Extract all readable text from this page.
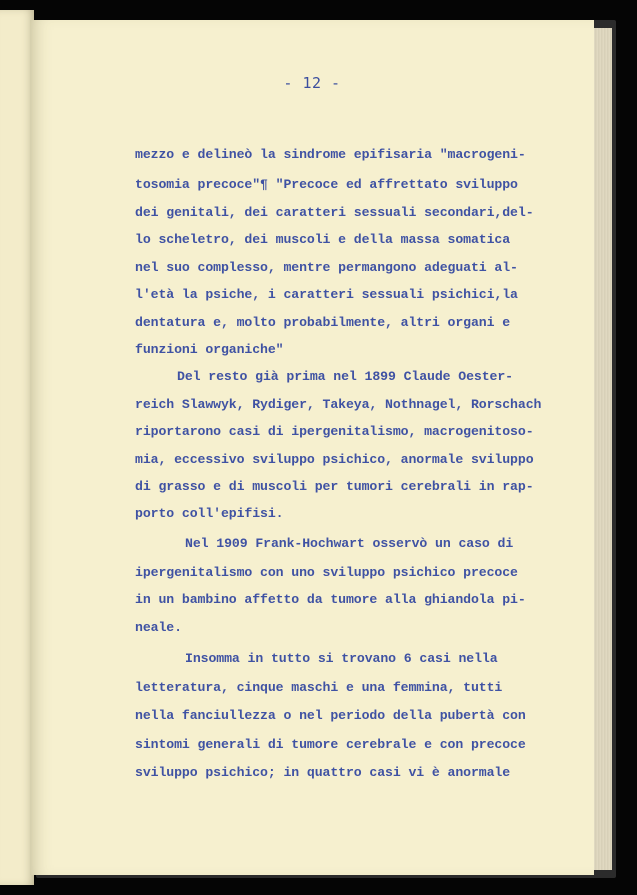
- 12 -
mezzo e delineò la sindrome epifisaria "macrogeni-
tosomia precoce"¶ "Precoce ed affrettato sviluppo
dei genitali, dei caratteri sessuali secondari,del-
lo scheletro, dei muscoli e della massa somatica
nel suo complesso, mentre permangono adeguati al-
l'età la psiche, i caratteri sessuali psichici,la
dentatura e, molto probabilmente, altri organi e
funzioni organiche"
Del resto già prima nel 1899 Claude Oester-
reich Slawwyk, Rydiger, Takeya, Nothnagel, Rorschach
riportarono casi di ipergenitalismo, macrogenitoso-
mia, eccessivo sviluppo psichico, anormale sviluppo
di grasso e di muscoli per tumori cerebrali in rap-
porto coll'epifisi.
Nel 1909 Frank-Hochwart osservò un caso di
ipergenitalismo con uno sviluppo psichico precoce
in un bambino affetto da tumore alla ghiandola pi-
neale.
Insomma in tutto si trovano 6 casi nella
letteratura, cinque maschi e una femmina, tutti
nella fanciullezza o nel periodo della pubertà con
sintomi generali di tumore cerebrale e con precoce
sviluppo psichico; in quattro casi vi è anormale
